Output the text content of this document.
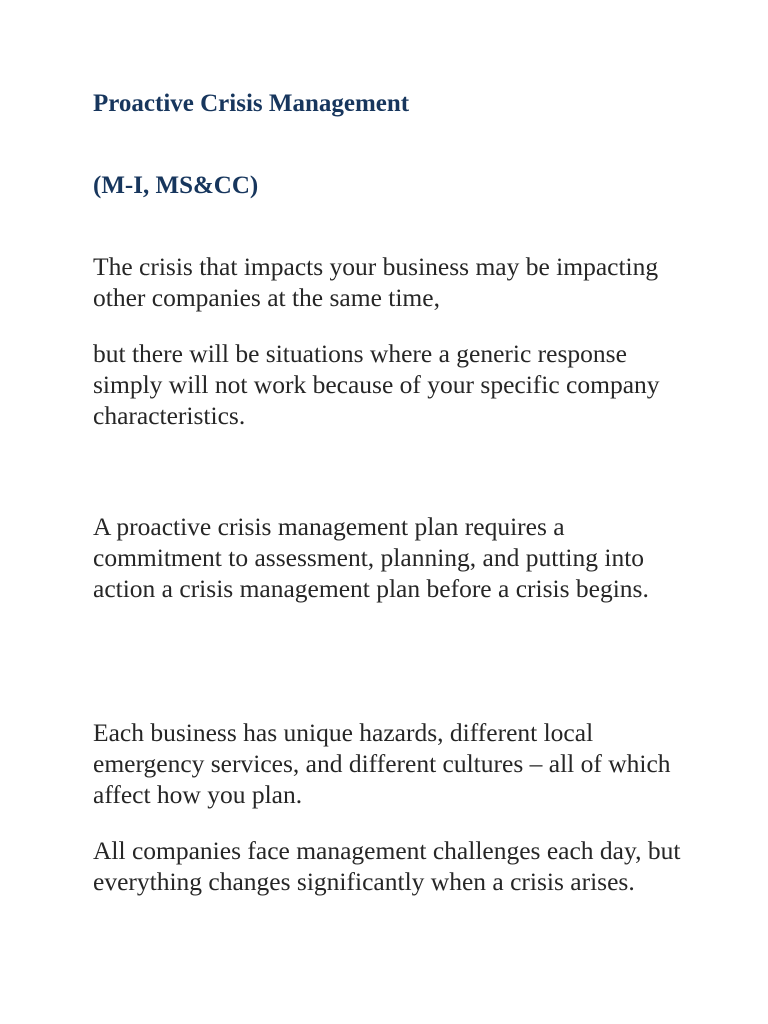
Proactive Crisis Management
(M-I, MS&CC)

The crisis that impacts your business may be impacting other companies at the same time,

but there will be situations where a generic response simply will not work because of your specific company characteristics.

A proactive crisis management plan requires a commitment to assessment, planning, and putting into action a crisis management plan before a crisis begins.

Each business has unique hazards, different local emergency services, and different cultures – all of which affect how you plan.

All companies face management challenges each day, but everything changes significantly when a crisis arises.
